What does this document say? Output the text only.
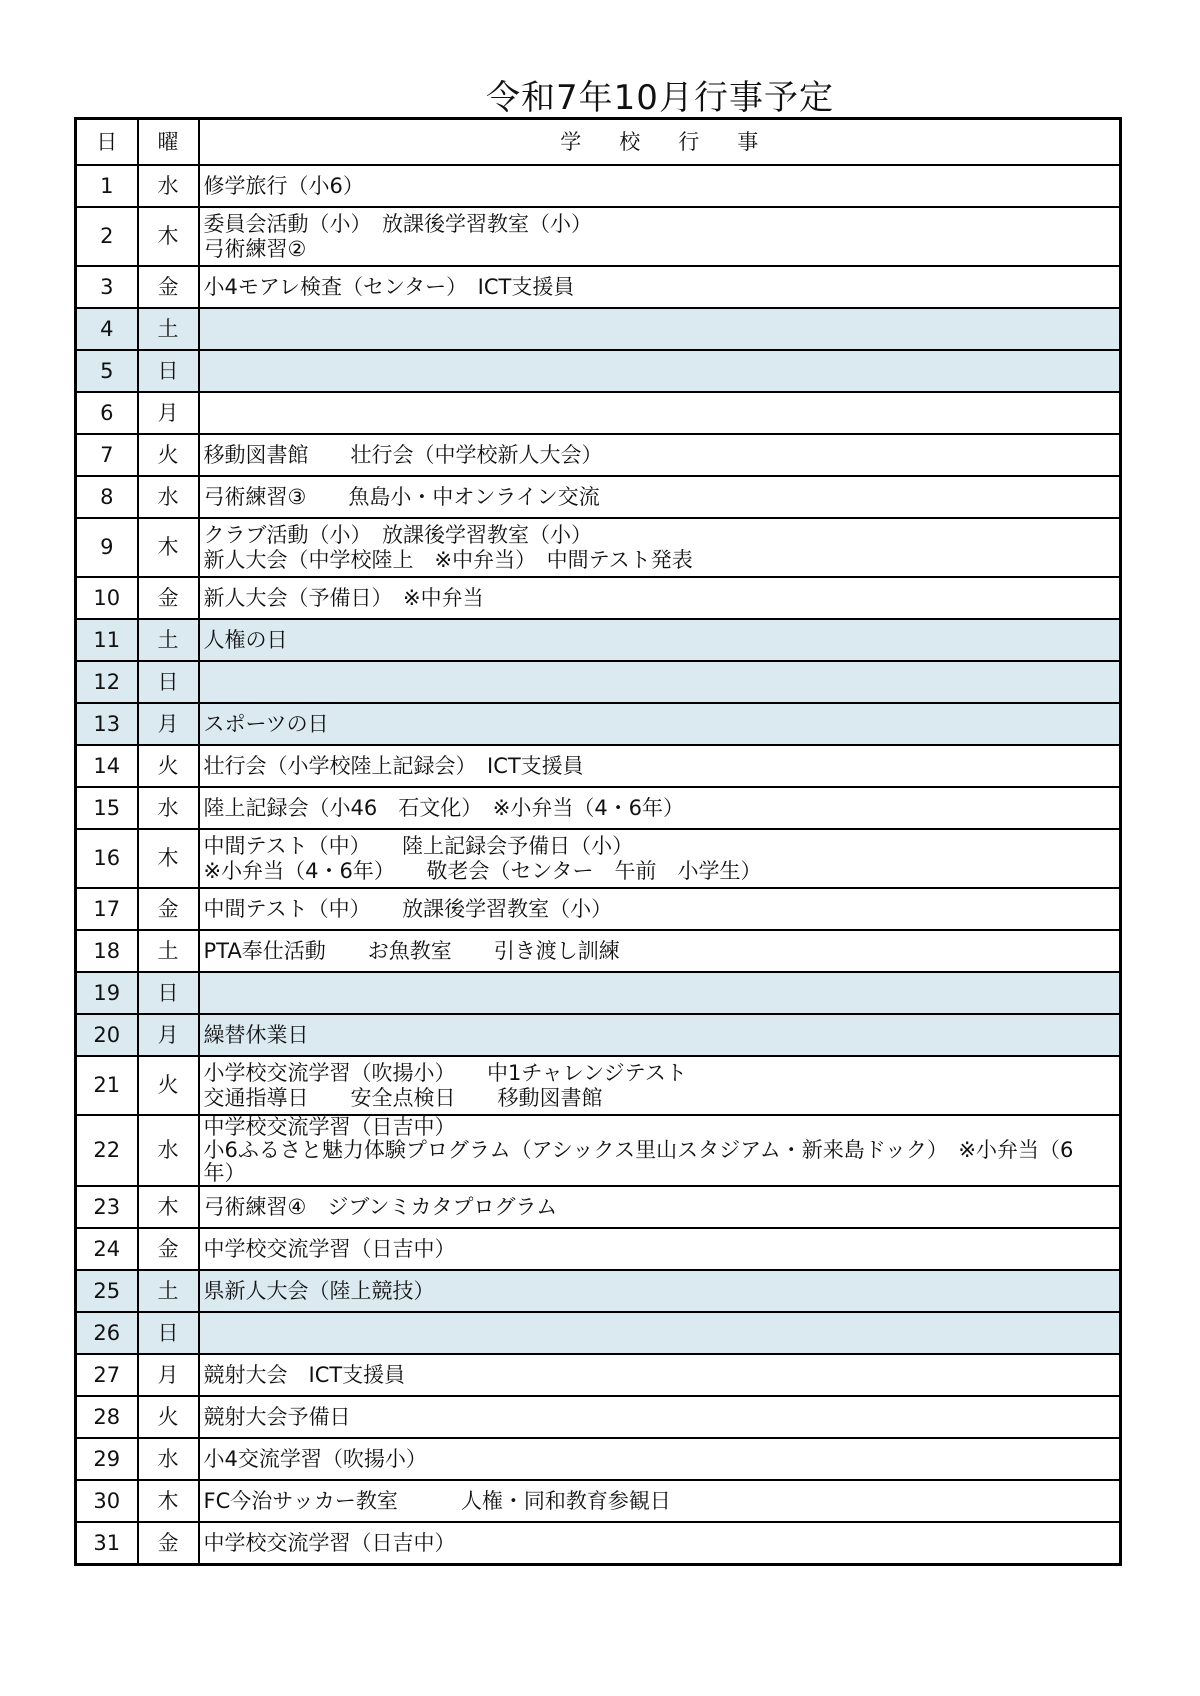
令和7年10月行事予定
日	曜	学校行事
1	水	修学旅行（小6）

2	木	委員会活動（小）　放課後学習教室（小）
弓術練習②

3	金	小4モアレ検査（センター）　ICT支援員

4	土	
5	日	
6	月	
7	火	移動図書館　　壮行会（中学校新人大会）

8	水	弓術練習③　　魚島小・中オンライン交流

9	木	クラブ活動（小）　放課後学習教室（小）
新人大会（中学校陸上　※中弁当）　中間テスト発表

10	金	新人大会（予備日）　※中弁当

11	土	人権の日

12	日	
13	月	スポーツの日

14	火	壮行会（小学校陸上記録会）　ICT支援員

15	水	陸上記録会（小46　石文化）　※小弁当（4・6年）

16	木	中間テスト（中）　　陸上記録会予備日（小）
※小弁当（4・6年）　　敬老会（センター　午前　小学生）

17	金	中間テスト（中）　　放課後学習教室（小）

18	土	PTA奉仕活動　　お魚教室　　引き渡し訓練

19	日	
20	月	繰替休業日

21	火	小学校交流学習（吹揚小）　　中1チャレンジテスト
交通指導日　　安全点検日　　移動図書館

22	水	中学校交流学習（日吉中）
小6ふるさと魅力体験プログラム（アシックス里山スタジアム・新来島ドック）　※小弁当（6
年）

23	木	弓術練習④　ジブンミカタプログラム

24	金	中学校交流学習（日吉中）

25	土	県新人大会（陸上競技）

26	日	
27	月	競射大会　ICT支援員

28	火	競射大会予備日

29	水	小4交流学習（吹揚小）

30	木	FC今治サッカー教室　　　人権・同和教育参観日

31	金	中学校交流学習（日吉中）
